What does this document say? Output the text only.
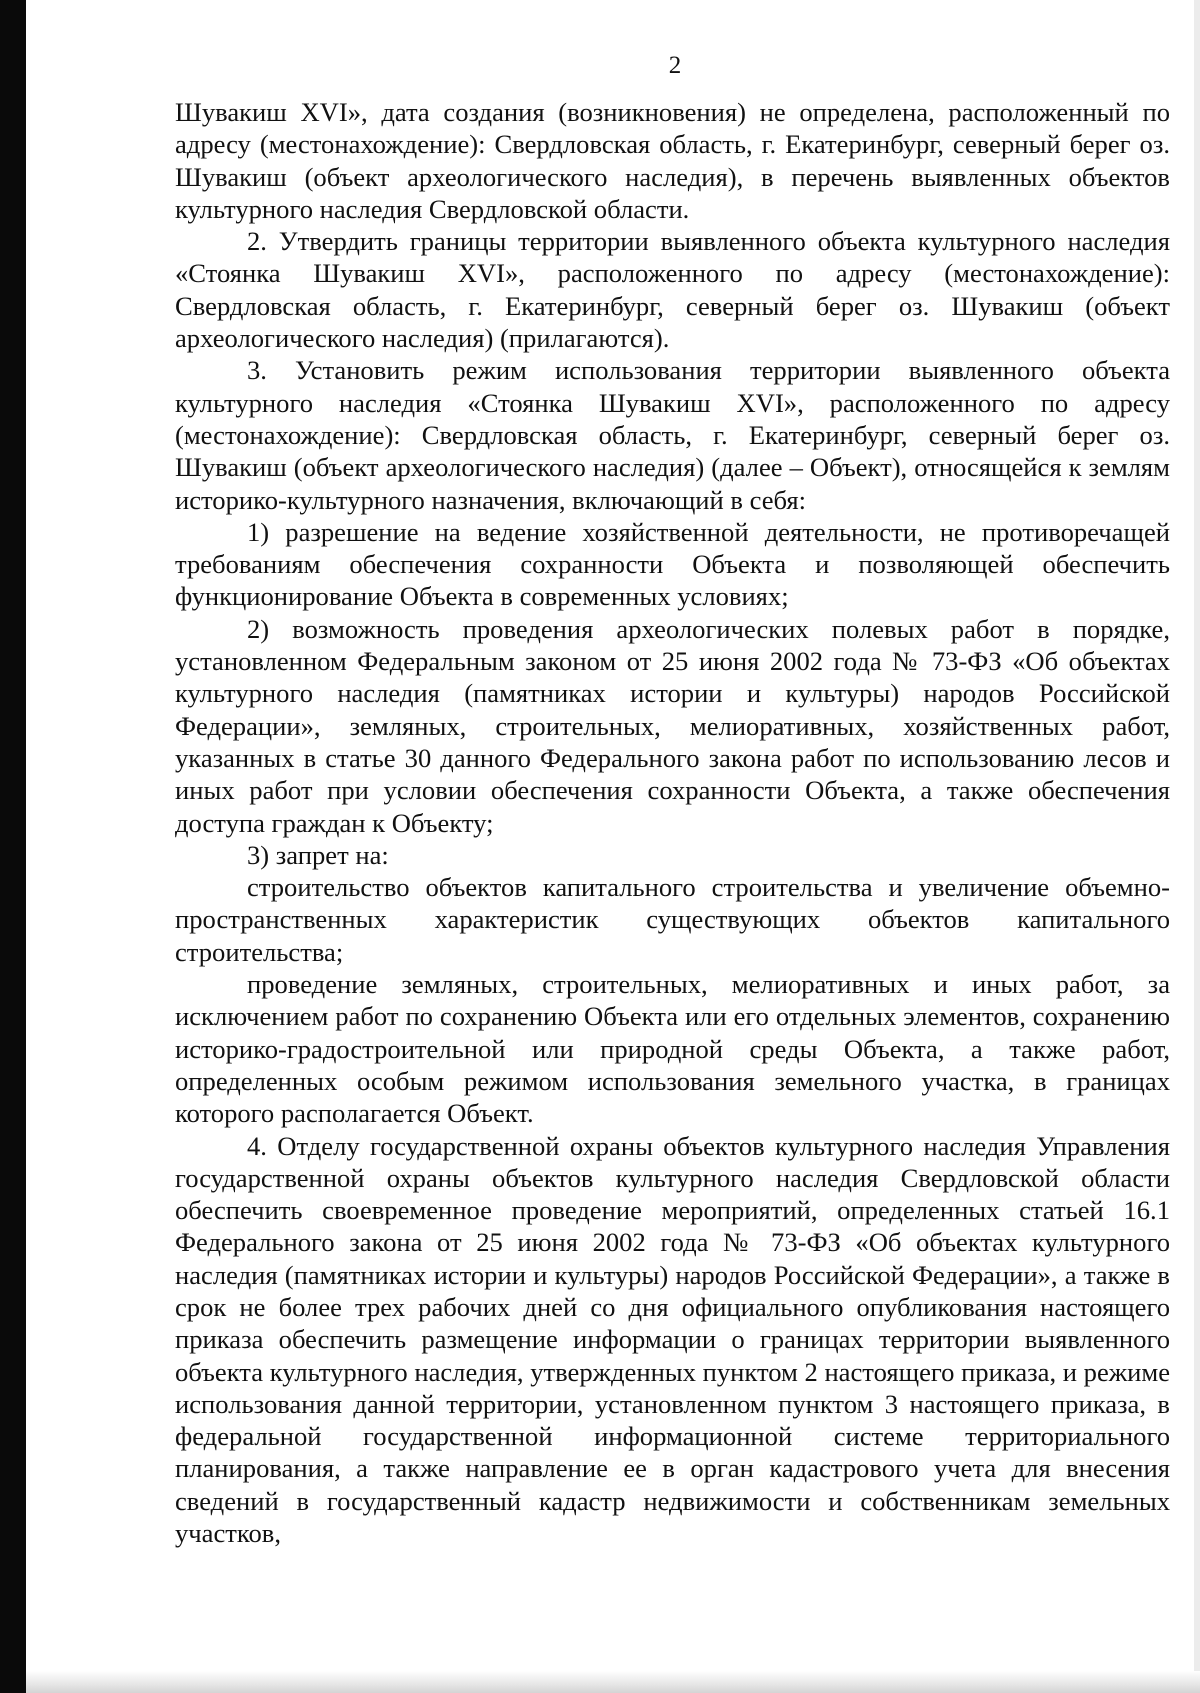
2

Шувакиш XVI», дата создания (возникновения) не определена, расположенный по адресу (местонахождение): Свердловская область, г. Екатеринбург, северный берег оз. Шувакиш (объект археологического наследия), в перечень выявленных объектов культурного наследия Свердловской области.

2. Утвердить границы территории выявленного объекта культурного наследия «Стоянка Шувакиш XVI», расположенного по адресу (местонахождение): Свердловская область, г. Екатеринбург, северный берег оз. Шувакиш (объект археологического наследия) (прилагаются).

3. Установить режим использования территории выявленного объекта культурного наследия «Стоянка Шувакиш XVI», расположенного по адресу (местонахождение): Свердловская область, г. Екатеринбург, северный берег оз. Шувакиш (объект археологического наследия) (далее – Объект), относящейся к землям историко-культурного назначения, включающий в себя:

1) разрешение на ведение хозяйственной деятельности, не противоречащей требованиям обеспечения сохранности Объекта и позволяющей обеспечить функционирование Объекта в современных условиях;

2) возможность проведения археологических полевых работ в порядке, установленном Федеральным законом от 25 июня 2002 года № 73-ФЗ «Об объектах культурного наследия (памятниках истории и культуры) народов Российской Федерации», земляных, строительных, мелиоративных, хозяйственных работ, указанных в статье 30 данного Федерального закона работ по использованию лесов и иных работ при условии обеспечения сохранности Объекта, а также обеспечения доступа граждан к Объекту;

3) запрет на:

строительство объектов капитального строительства и увеличение объемно-пространственных характеристик существующих объектов капитального строительства;

проведение земляных, строительных, мелиоративных и иных работ, за исключением работ по сохранению Объекта или его отдельных элементов, сохранению историко-градостроительной или природной среды Объекта, а также работ, определенных особым режимом использования земельного участка, в границах которого располагается Объект.

4. Отделу государственной охраны объектов культурного наследия Управления государственной охраны объектов культурного наследия Свердловской области обеспечить своевременное проведение мероприятий, определенных статьей 16.1 Федерального закона от 25 июня 2002 года № 73-ФЗ «Об объектах культурного наследия (памятниках истории и культуры) народов Российской Федерации», а также в срок не более трех рабочих дней со дня официального опубликования настоящего приказа обеспечить размещение информации о границах территории выявленного объекта культурного наследия, утвержденных пунктом 2 настоящего приказа, и режиме использования данной территории, установленном пунктом 3 настоящего приказа, в федеральной государственной информационной системе территориального планирования, а также направление ее в орган кадастрового учета для внесения сведений в государственный кадастр недвижимости и собственникам земельных участков,
